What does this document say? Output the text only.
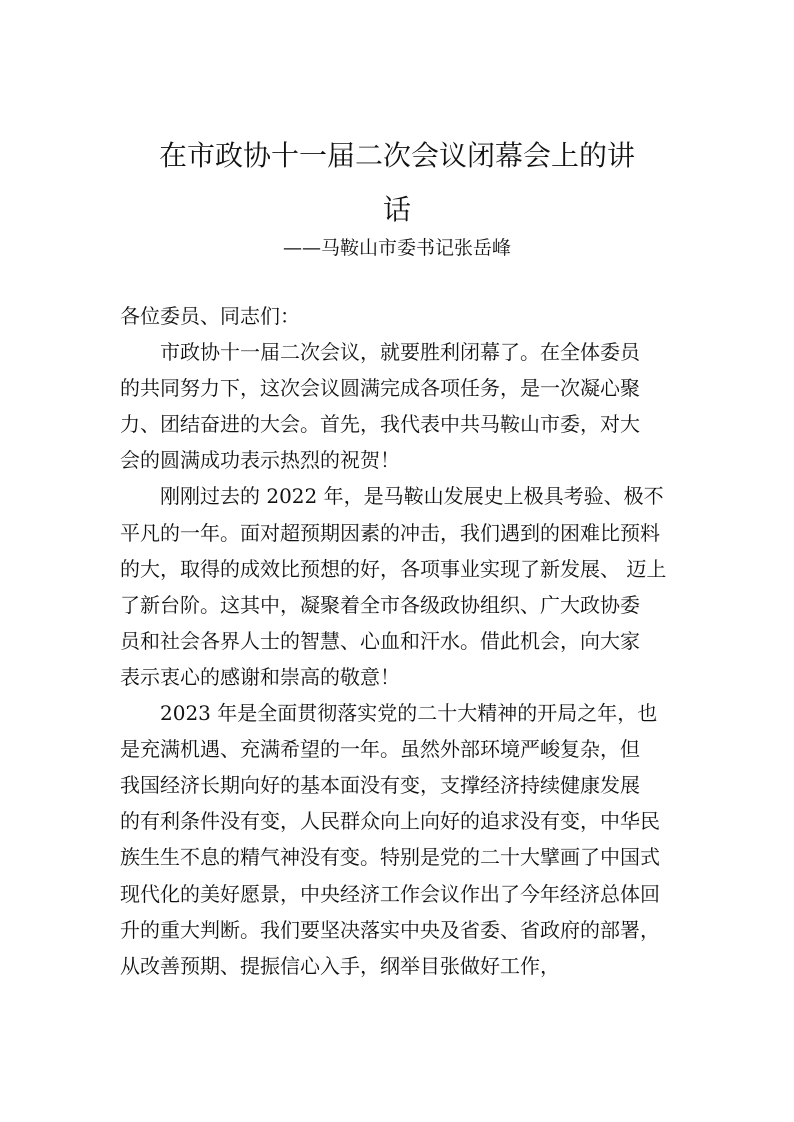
在市政协十一届二次会议闭幕会上的讲
话
——马鞍山市委书记张岳峰
各位委员、同志们：
市政协十一届二次会议，就要胜利闭幕了。在全体委员
的共同努力下，这次会议圆满完成各项任务，是一次凝心聚
力、团结奋进的大会。首先，我代表中共马鞍山市委，对大
会的圆满成功表示热烈的祝贺！
刚刚过去的 2022 年，是马鞍山发展史上极具考验、极不
平凡的一年。面对超预期因素的冲击，我们遇到的困难比预料
的大，取得的成效比预想的好，各项事业实现了新发展、 迈上
了新台阶。这其中，凝聚着全市各级政协组织、广大政协委
员和社会各界人士的智慧、心血和汗水。借此机会，向大家
表示衷心的感谢和崇高的敬意！
2023 年是全面贯彻落实党的二十大精神的开局之年，也
是充满机遇、充满希望的一年。虽然外部环境严峻复杂，但
我国经济长期向好的基本面没有变，支撑经济持续健康发展
的有利条件没有变，人民群众向上向好的追求没有变，中华民
族生生不息的精气神没有变。特别是党的二十大擘画了中国式
现代化的美好愿景，中央经济工作会议作出了今年经济总体回
升的重大判断。我们要坚决落实中央及省委、省政府的部署，
从改善预期、提振信心入手，纲举目张做好工作，
